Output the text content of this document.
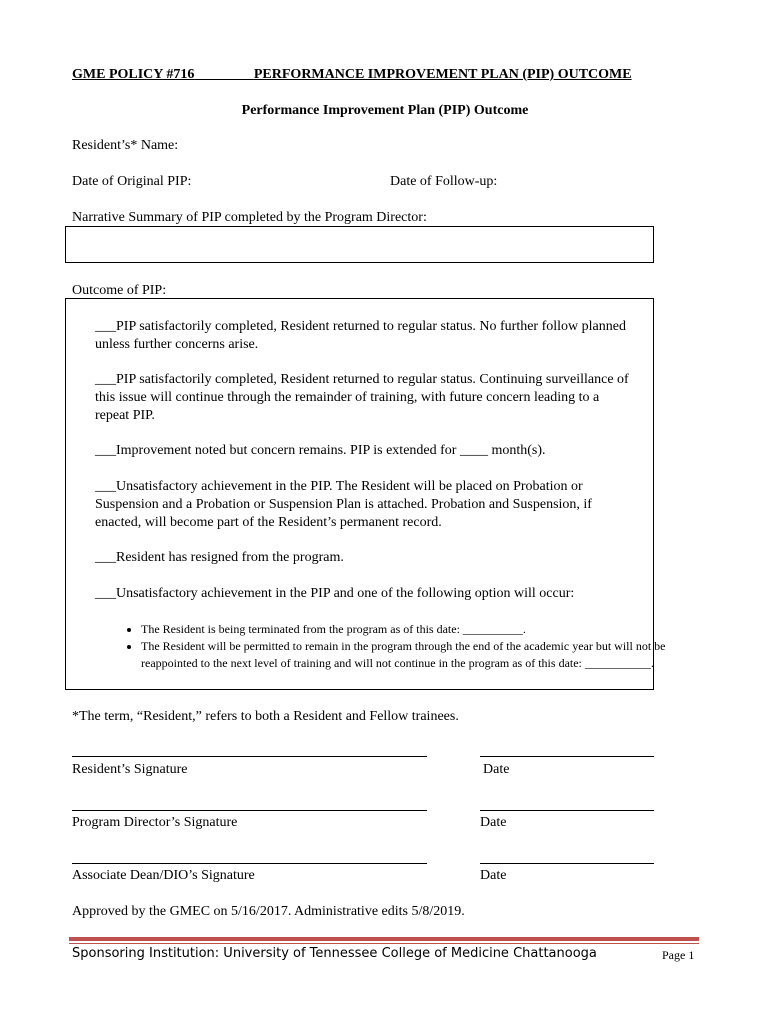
GME POLICY #716	PERFORMANCE IMPROVEMENT PLAN (PIP) OUTCOME
Performance Improvement Plan (PIP) Outcome
Resident’s* Name:
Date of Original PIP:	Date of Follow-up:
Narrative Summary of PIP completed by the Program Director:
Outcome of PIP:
___PIP satisfactorily completed, Resident returned to regular status. No further follow planned unless further concerns arise.
___PIP satisfactorily completed, Resident returned to regular status. Continuing surveillance of this issue will continue through the remainder of training, with future concern leading to a repeat PIP.
___Improvement noted but concern remains. PIP is extended for ____ month(s).
___Unsatisfactory achievement in the PIP. The Resident will be placed on Probation or Suspension and a Probation or Suspension Plan is attached. Probation and Suspension, if enacted, will become part of the Resident’s permanent record.
___Resident has resigned from the program.
___Unsatisfactory achievement in the PIP and one of the following option will occur:
• The Resident is being terminated from the program as of this date: __________.
• The Resident will be permitted to remain in the program through the end of the academic year but will not be reappointed to the next level of training and will not continue in the program as of this date: ___________.
*The term, “Resident,” refers to both a Resident and Fellow trainees.
Resident’s Signature	Date
Program Director’s Signature	Date
Associate Dean/DIO’s Signature	Date
Approved by the GMEC on 5/16/2017. Administrative edits 5/8/2019.
Sponsoring Institution: University of Tennessee College of Medicine Chattanooga	Page 1
